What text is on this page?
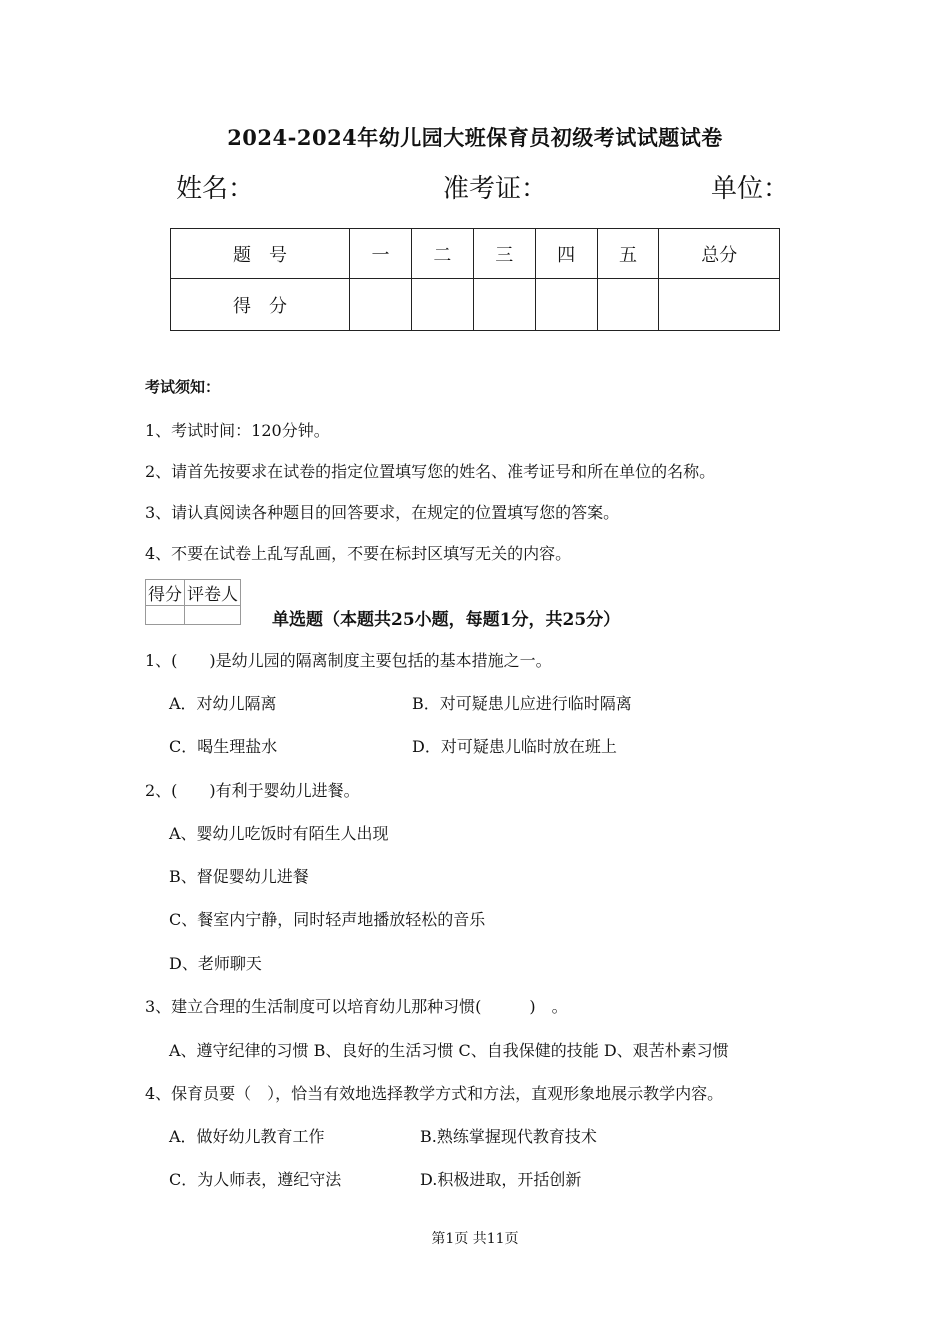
2024-2024年幼儿园大班保育员初级考试试题试卷
姓名：	准考证：	单位：
题　号	一	二	三	四	五	总分
得　分						
考试须知：
1、考试时间：120分钟。
2、请首先按要求在试卷的指定位置填写您的姓名、准考证号和所在单位的名称。
3、请认真阅读各种题目的回答要求，在规定的位置填写您的答案。
4、不要在试卷上乱写乱画，不要在标封区填写无关的内容。
得分	评卷人

单选题（本题共25小题，每题1分，共25分）
1、(　　)是幼儿园的隔离制度主要包括的基本措施之一。
A．对幼儿隔离	B．对可疑患儿应进行临时隔离
C．喝生理盐水	D．对可疑患儿临时放在班上
2、(　　)有利于婴幼儿进餐。
A、婴幼儿吃饭时有陌生人出现
B、督促婴幼儿进餐
C、餐室内宁静，同时轻声地播放轻松的音乐
D、老师聊天
3、建立合理的生活制度可以培育幼儿那种习惯(　　　)　。
A、遵守纪律的习惯 B、良好的生活习惯 C、自我保健的技能 D、艰苦朴素习惯
4、保育员要（　），恰当有效地选择教学方式和方法，直观形象地展示教学内容。
A．做好幼儿教育工作	B.熟练掌握现代教育技术
C．为人师表，遵纪守法	D.积极进取，开括创新
第1页 共11页
